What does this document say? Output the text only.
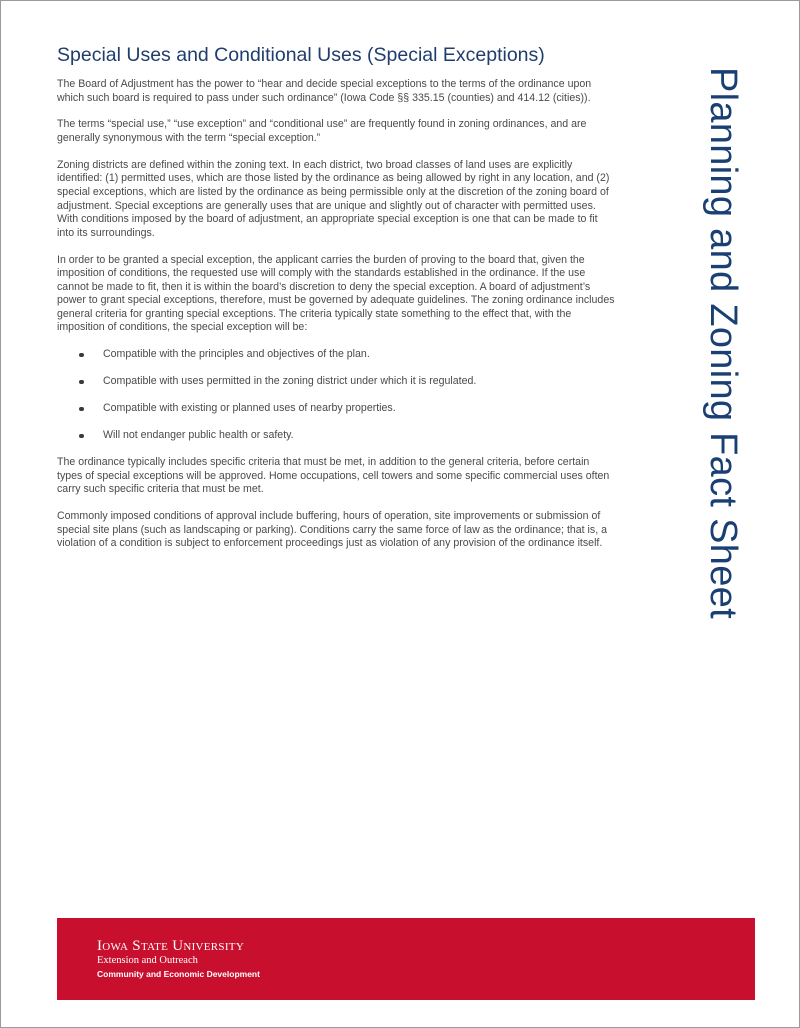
Special Uses and Conditional Uses (Special Exceptions)

The Board of Adjustment has the power to “hear and decide special exceptions to the terms of the ordinance upon which such board is required to pass under such ordinance” (Iowa Code §§ 335.15 (counties) and 414.12 (cities)).

The terms “special use,” “use exception” and “conditional use” are frequently found in zoning ordinances, and are generally synonymous with the term “special exception.”

Zoning districts are defined within the zoning text. In each district, two broad classes of land uses are explicitly identified: (1) permitted uses, which are those listed by the ordinance as being allowed by right in any location, and (2) special exceptions, which are listed by the ordinance as being permissible only at the discretion of the zoning board of adjustment. Special exceptions are generally uses that are unique and slightly out of character with permitted uses. With conditions imposed by the board of adjustment, an appropriate special exception is one that can be made to fit into its surroundings.

In order to be granted a special exception, the applicant carries the burden of proving to the board that, given the imposition of conditions, the requested use will comply with the standards established in the ordinance. If the use cannot be made to fit, then it is within the board’s discretion to deny the special exception. A board of adjustment’s power to grant special exceptions, therefore, must be governed by adequate guidelines. The zoning ordinance includes general criteria for granting special exceptions. The criteria typically state something to the effect that, with the imposition of conditions, the special exception will be:

Compatible with the principles and objectives of the plan.
Compatible with uses permitted in the zoning district under which it is regulated.
Compatible with existing or planned uses of nearby properties.
Will not endanger public health or safety.

The ordinance typically includes specific criteria that must be met, in addition to the general criteria, before certain types of special exceptions will be approved. Home occupations, cell towers and some specific commercial uses often carry such specific criteria that must be met.

Commonly imposed conditions of approval include buffering, hours of operation, site improvements or submission of special site plans (such as landscaping or parking). Conditions carry the same force of law as the ordinance; that is, a violation of a condition is subject to enforcement proceedings just as violation of any provision of the ordinance itself.	Planning and Zoning Fact Sheet
Iowa State University
Extension and Outreach
Community and Economic Development
